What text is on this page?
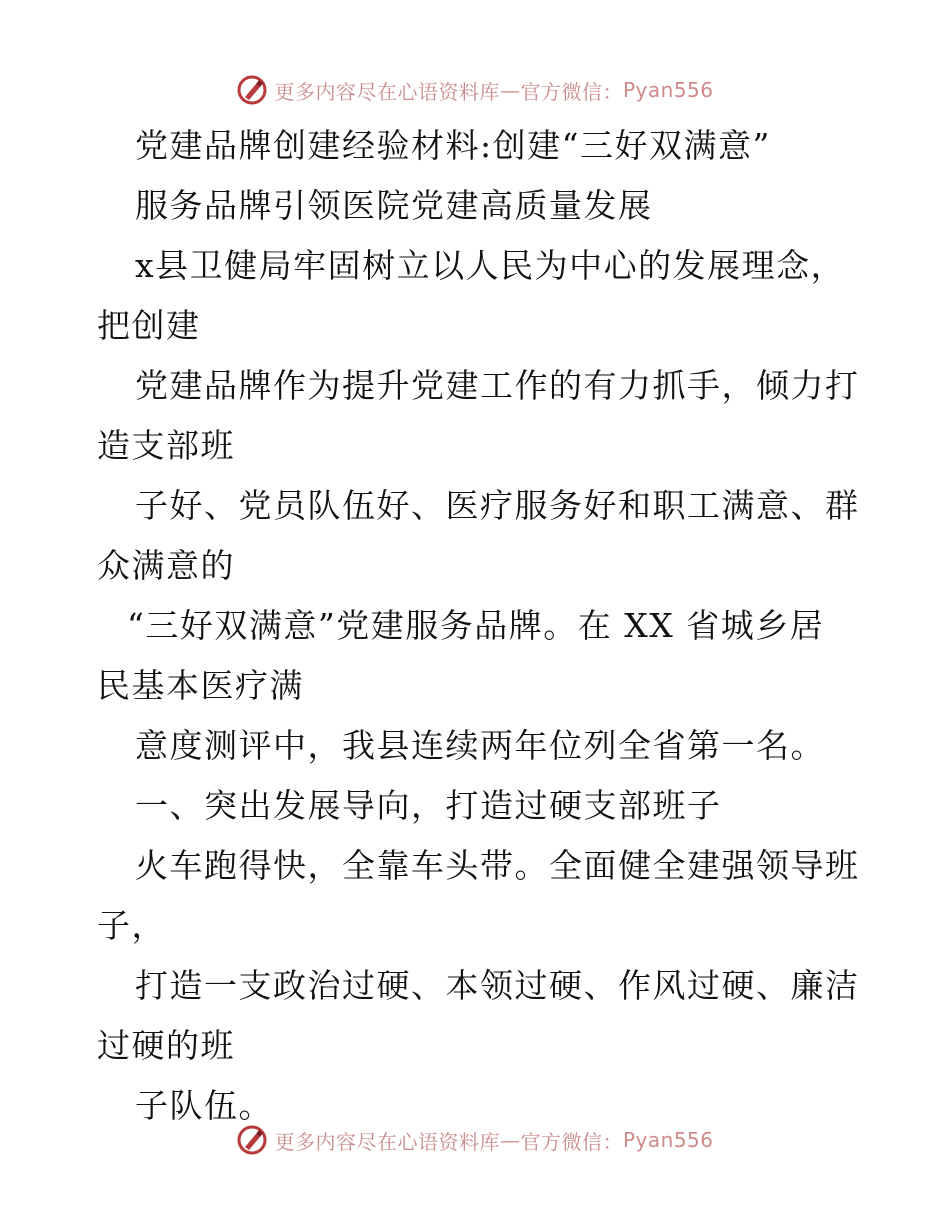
更多内容尽在心语资料库 — 官方微信： Pyan556
党建品牌创建经验材料:创建“三好双满意”
服务品牌引领医院党建高质量发展
x县卫健局牢固树立以人民为中心的发展理念，
把创建
党建品牌作为提升党建工作的有力抓手，倾力打
造支部班
子好、党员队伍好、医疗服务好和职工满意、群
众满意的
“三好双满意”党建服务品牌。在 XX 省城乡居
民基本医疗满
意度测评中，我县连续两年位列全省第一名。
一、突出发展导向，打造过硬支部班子
火车跑得快，全靠车头带。全面健全建强领导班
子，
打造一支政治过硬、本领过硬、作风过硬、廉洁
过硬的班
子队伍。
更多内容尽在心语资料库 — 官方微信： Pyan556
